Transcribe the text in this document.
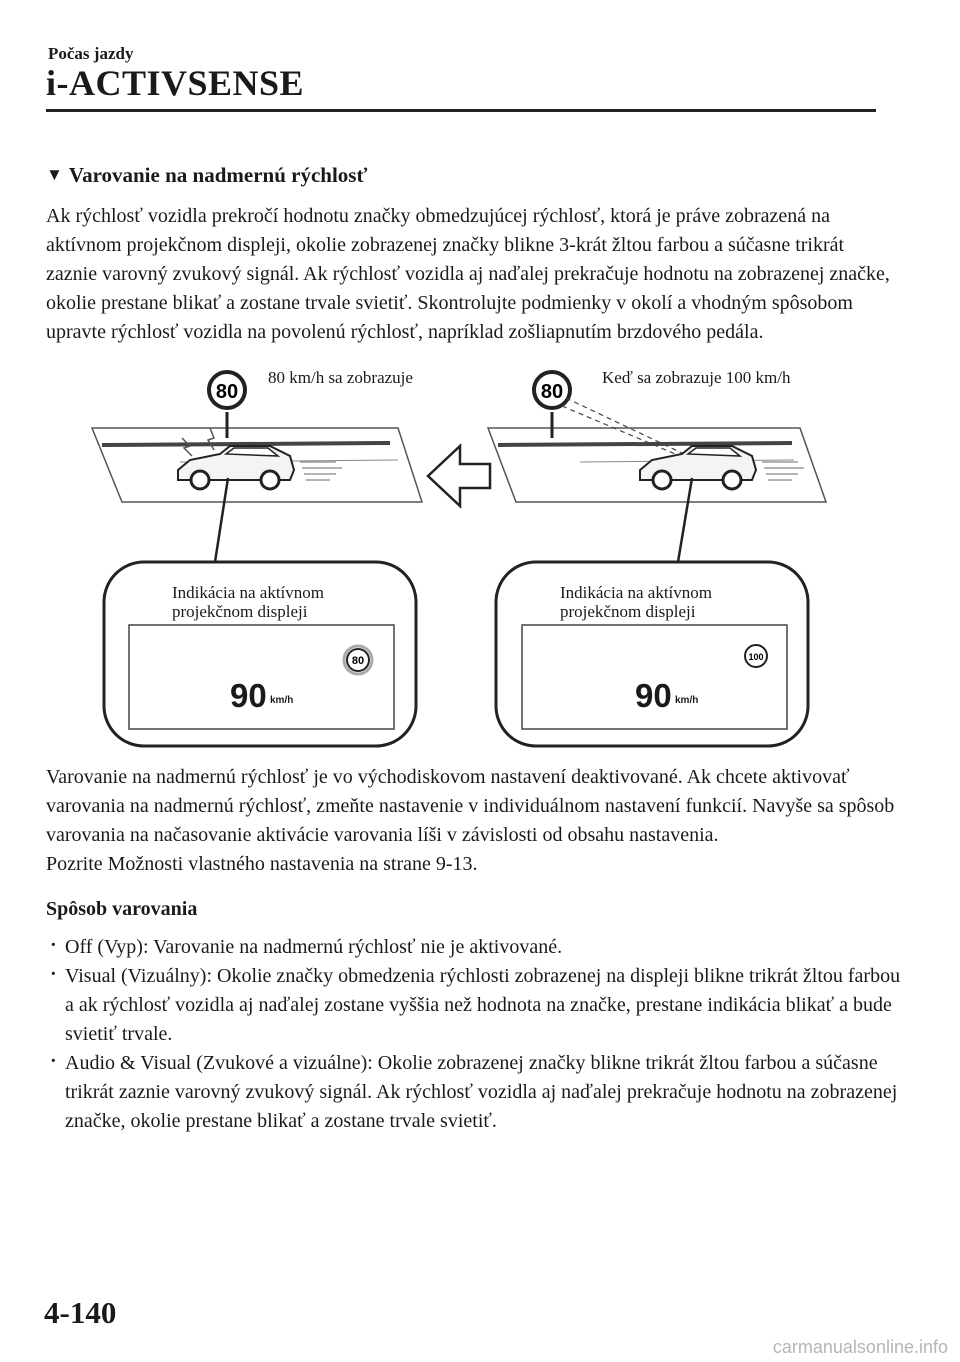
Počas jazdy
i-ACTIVSENSE
▼ Varovanie na nadmernú rýchlosť
Ak rýchlosť vozidla prekročí hodnotu značky obmedzujúcej rýchlosť, ktorá je práve zobrazená na aktívnom projekčnom displeji, okolie zobrazenej značky blikne 3-krát žltou farbou a súčasne trikrát zaznie varovný zvukový signál. Ak rýchlosť vozidla aj naďalej prekračuje hodnotu na zobrazenej značke, okolie prestane blikať a zostane trvale svietiť. Skontrolujte podmienky v okolí a vhodným spôsobom upravte rýchlosť vozidla na povolenú rýchlosť, napríklad zošliapnutím brzdového pedála.
80	80
80	100
80 km/h sa zobrazuje	Keď sa zobrazuje 100 km/h
Indikácia na aktívnom projekčnom displeji
Indikácia na aktívnom projekčnom displeji
90 km/h	90 km/h
Varovanie na nadmernú rýchlosť je vo východiskovom nastavení deaktivované. Ak chcete aktivovať varovania na nadmernú rýchlosť, zmeňte nastavenie v individuálnom nastavení funkcií. Navyše sa spôsob varovania na načasovanie aktivácie varovania líši v závislosti od obsahu nastavenia.
Pozrite Možnosti vlastného nastavenia na strane 9-13.
Spôsob varovania
· Off (Vyp): Varovanie na nadmernú rýchlosť nie je aktivované.
· Visual (Vizuálny): Okolie značky obmedzenia rýchlosti zobrazenej na displeji blikne trikrát žltou farbou a ak rýchlosť vozidla aj naďalej zostane vyššia než hodnota na značke, prestane indikácia blikať a bude svietiť trvale.
· Audio & Visual (Zvukové a vizuálne): Okolie zobrazenej značky blikne trikrát žltou farbou a súčasne trikrát zaznie varovný zvukový signál. Ak rýchlosť vozidla aj naďalej prekračuje hodnotu na zobrazenej značke, okolie prestane blikať a zostane trvale svietiť.
4-140
carmanualsonline.info
